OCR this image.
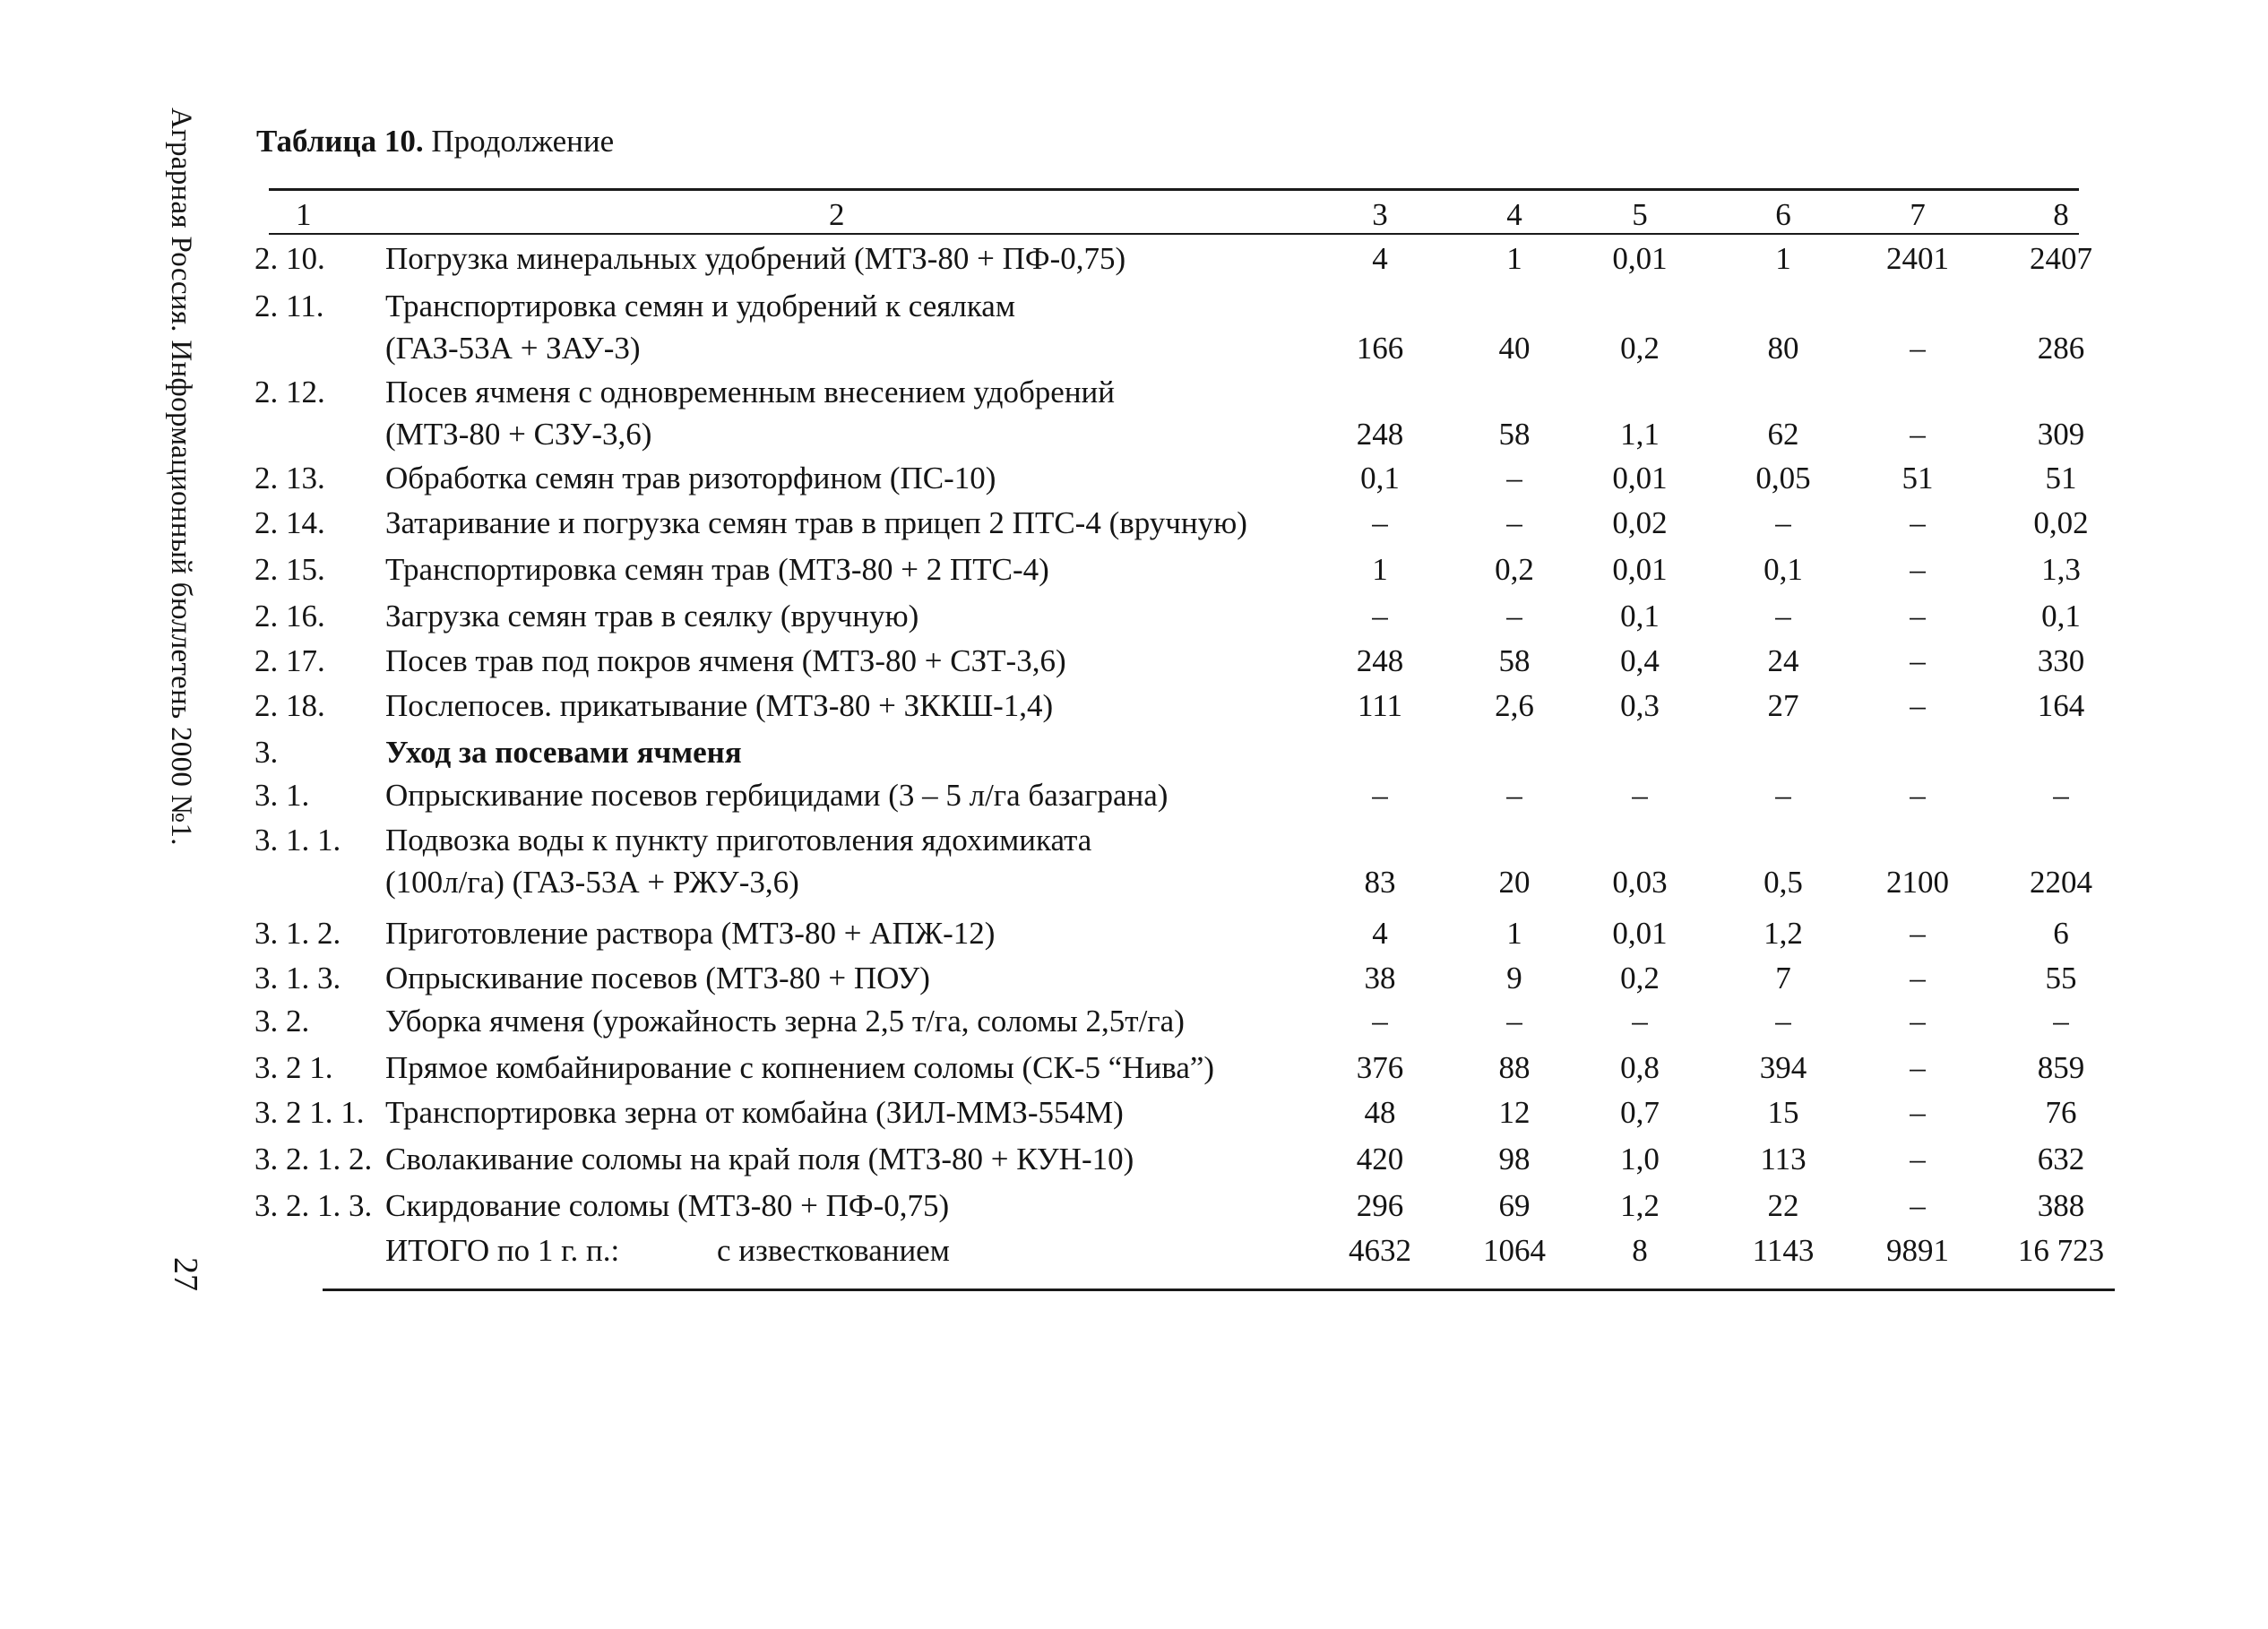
Аграрная Россия. Информационный бюллетень 2000 №1.
27
Таблица 10. Продолжение
1	2	3	4	5	6	7	8
2. 10. Погрузка минеральных удобрений (МТЗ-80 + ПФ-0,75)	4	1	0,01	1	2401	2407
2. 11. Транспортировка семян и удобрений к сеялкам
(ГАЗ-53А + ЗАУ-3)	166	40	0,2	80	–	286
2. 12. Посев ячменя с одновременным внесением удобрений
(МТЗ-80 + СЗУ-3,6)	248	58	1,1	62	–	309
2. 13. Обработка семян трав ризоторфином (ПС-10)	0,1	–	0,01	0,05	51	51
2. 14. Затаривание и погрузка семян трав в прицеп 2 ПТС-4 (вручную)	–	–	0,02	–	–	0,02
2. 15. Транспортировка семян трав (МТЗ-80 + 2 ПТС-4)	1	0,2	0,01	0,1	–	1,3
2. 16. Загрузка семян трав в сеялку (вручную)	–	–	0,1	–	–	0,1
2. 17. Посев трав под покров ячменя (МТЗ-80 + СЗТ-3,6)	248	58	0,4	24	–	330
2. 18. Послепосев. прикатывание (МТЗ-80 + ЗККШ-1,4)	111	2,6	0,3	27	–	164
3.	Уход за посевами ячменя
3. 1. Опрыскивание посевов гербицидами (3 – 5 л/га базаграна)	–	–	–	–	–	–
3. 1. 1. Подвозка воды к пункту приготовления ядохимиката
(100л/га) (ГАЗ-53А + РЖУ-3,6)	83	20	0,03	0,5	2100	2204
3. 1. 2. Приготовление раствора (МТЗ-80 + АПЖ-12)	4	1	0,01	1,2	–	6
3. 1. 3. Опрыскивание посевов (МТЗ-80 + ПОУ)	38	9	0,2	7	–	55
3. 2. Уборка ячменя (урожайность зерна 2,5 т/га, соломы 2,5т/га)	–	–	–	–	–	–
3. 2 1. Прямое комбайнирование с копнением соломы (СК-5 “Нива”)	376	88	0,8	394	–	859
3. 2 1. 1. Транспортировка зерна от комбайна (ЗИЛ-ММЗ-554М)	48	12	0,7	15	–	76
3. 2. 1. 2. Сволакивание соломы на край поля (МТЗ-80 + КУН-10)	420	98	1,0	113	–	632
3. 2. 1. 3. Скирдование соломы (МТЗ-80 + ПФ-0,75)	296	69	1,2	22	–	388
ИТОГО по 1 г. п.:	с известкованием	4632	1064	8	1143	9891	16 723
